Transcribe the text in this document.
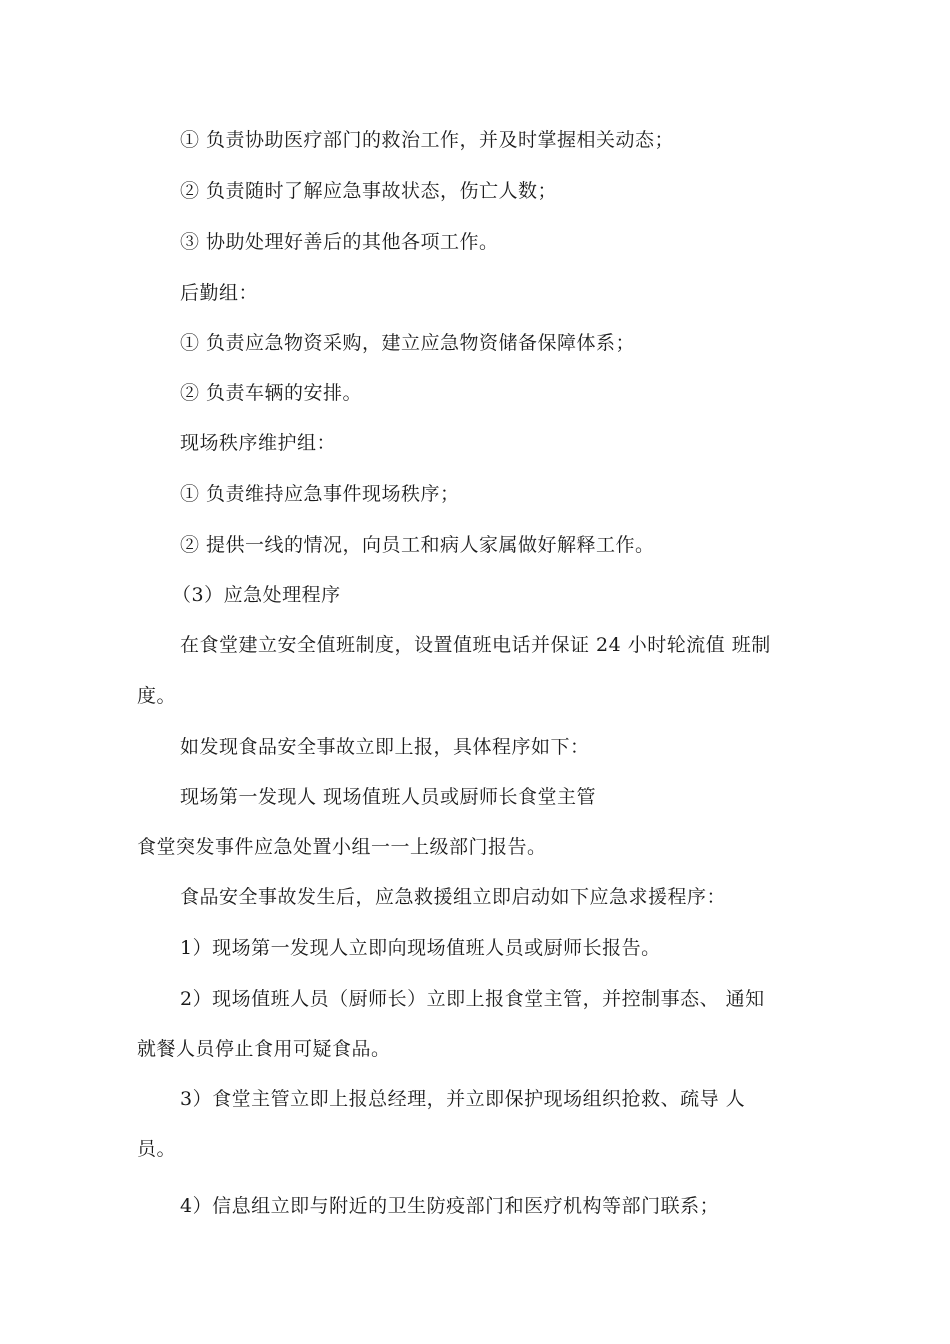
① 负责协助医疗部门的救治工作，并及时掌握相关动态；
② 负责随时了解应急事故状态，伤亡人数；
③ 协助处理好善后的其他各项工作。
后勤组：
① 负责应急物资采购，建立应急物资储备保障体系；
② 负责车辆的安排。
现场秩序维护组：
① 负责维持应急事件现场秩序；
② 提供一线的情况，向员工和病人家属做好解释工作。
（3）应急处理程序
在食堂建立安全值班制度，设置值班电话并保证 24 小时轮流值 班制
度。
如发现食品安全事故立即上报，具体程序如下：
现场第一发现人 现场值班人员或厨师长食堂主管
食堂突发事件应急处置小组一一上级部门报告。
食品安全事故发生后，应急救援组立即启动如下应急求援程序：
1）现场第一发现人立即向现场值班人员或厨师长报告。
2）现场值班人员（厨师长）立即上报食堂主管，并控制事态、 通知
就餐人员停止食用可疑食品。
3）食堂主管立即上报总经理，并立即保护现场组织抢救、疏导 人
员。
4）信息组立即与附近的卫生防疫部门和医疗机构等部门联系；
